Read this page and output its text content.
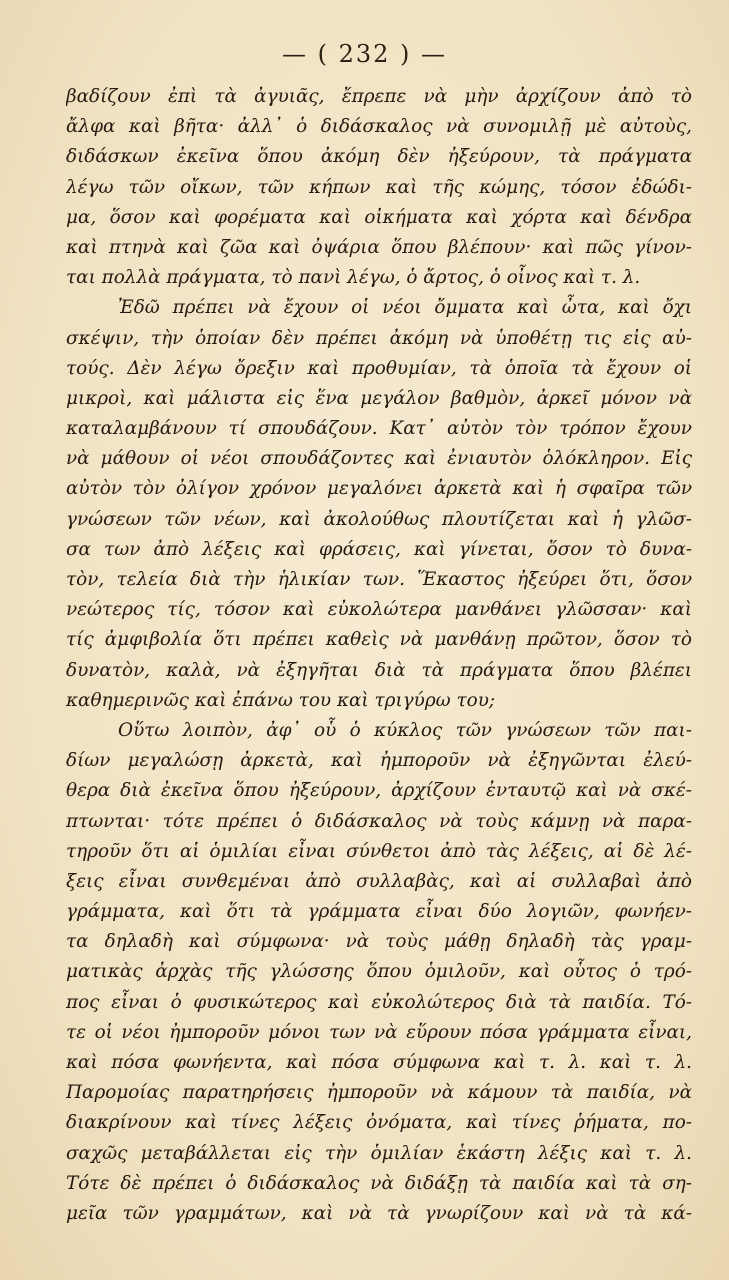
— ( 232 ) —
βαδίζουν ἐπὶ τὰ ἀγυιᾶς, ἔπρεπε νὰ μὴν ἀρχίζουν ἀπὸ τὸ
ἄλφα καὶ βῆτα· ἀλλ᾿ ὁ διδάσκαλος νὰ συνομιλῇ μὲ αὐτοὺς,
διδάσκων ἐκεῖνα ὅπου ἀκόμη δὲν ἠξεύρουν, τὰ πράγματα
λέγω τῶν οἴκων, τῶν κήπων καὶ τῆς κώμης, τόσον ἐδώδι-
μα, ὅσον καὶ φορέματα καὶ οἰκήματα καὶ χόρτα καὶ δένδρα
καὶ πτηνὰ καὶ ζῶα καὶ ὀψάρια ὅπου βλέπουν· καὶ πῶς γίνον-
ται πολλὰ πράγματα, τὸ πανὶ λέγω, ὁ ἄρτος, ὁ οἶνος καὶ τ. λ.
Ἐδῶ πρέπει νὰ ἔχουν οἱ νέοι ὄμματα καὶ ὦτα, καὶ ὄχι
σκέψιν, τὴν ὁποίαν δὲν πρέπει ἀκόμη νὰ ὑποθέτῃ τις εἰς αὐ-
τούς. Δὲν λέγω ὄρεξιν καὶ προθυμίαν, τὰ ὁποῖα τὰ ἔχουν οἱ
μικροὶ, καὶ μάλιστα εἰς ἕνα μεγάλον βαθμὸν, ἀρκεῖ μόνον νὰ
καταλαμβάνουν τί σπουδάζουν. Κατ᾿ αὐτὸν τὸν τρόπον ἔχουν
νὰ μάθουν οἱ νέοι σπουδάζοντες καὶ ἐνιαυτὸν ὁλόκληρον. Εἰς
αὐτὸν τὸν ὀλίγον χρόνον μεγαλόνει ἀρκετὰ καὶ ἡ σφαῖρα τῶν
γνώσεων τῶν νέων, καὶ ἀκολούθως πλουτίζεται καὶ ἡ γλῶσ-
σα των ἀπὸ λέξεις καὶ φράσεις, καὶ γίνεται, ὅσον τὸ δυνα-
τὸν, τελεία διὰ τὴν ἡλικίαν των. Ἕκαστος ἠξεύρει ὅτι, ὅσον
νεώτερος τίς, τόσον καὶ εὐκολώτερα μανθάνει γλῶσσαν· καὶ
τίς ἀμφιβολία ὅτι πρέπει καθεὶς νὰ μανθάνῃ πρῶτον, ὅσον τὸ
δυνατὸν, καλὰ, νὰ ἐξηγῆται διὰ τὰ πράγματα ὅπου βλέπει
καθημερινῶς καὶ ἐπάνω του καὶ τριγύρω του;
Οὕτω λοιπὸν, ἀφ᾿ οὗ ὁ κύκλος τῶν γνώσεων τῶν παι-
δίων μεγαλώσῃ ἀρκετὰ, καὶ ἠμποροῦν νὰ ἐξηγῶνται ἐλεύ-
θερα διὰ ἐκεῖνα ὅπου ἠξεύρουν, ἀρχίζουν ἐνταυτῷ καὶ νὰ σκέ-
πτωνται· τότε πρέπει ὁ διδάσκαλος νὰ τοὺς κάμνῃ νὰ παρα-
τηροῦν ὅτι αἱ ὁμιλίαι εἶναι σύνθετοι ἀπὸ τὰς λέξεις, αἱ δὲ λέ-
ξεις εἶναι συνθεμέναι ἀπὸ συλλαβὰς, καὶ αἱ συλλαβαὶ ἀπὸ
γράμματα, καὶ ὅτι τὰ γράμματα εἶναι δύο λογιῶν, φωνήεν-
τα δηλαδὴ καὶ σύμφωνα· νὰ τοὺς μάθῃ δηλαδὴ τὰς γραμ-
ματικὰς ἀρχὰς τῆς γλώσσης ὅπου ὁμιλοῦν, καὶ οὗτος ὁ τρό-
πος εἶναι ὁ φυσικώτερος καὶ εὐκολώτερος διὰ τὰ παιδία. Τό-
τε οἱ νέοι ἠμποροῦν μόνοι των νὰ εὕρουν πόσα γράμματα εἶναι,
καὶ πόσα φωνήεντα, καὶ πόσα σύμφωνα καὶ τ. λ. καὶ τ. λ.
Παρομοίας παρατηρήσεις ἠμποροῦν νὰ κάμουν τὰ παιδία, νὰ
διακρίνουν καὶ τίνες λέξεις ὀνόματα, καὶ τίνες ῥήματα, πο-
σαχῶς μεταβάλλεται εἰς τὴν ὁμιλίαν ἑκάστη λέξις καὶ τ. λ.
Τότε δὲ πρέπει ὁ διδάσκαλος νὰ διδάξῃ τὰ παιδία καὶ τὰ ση-
μεῖα τῶν γραμμάτων, καὶ νὰ τὰ γνωρίζουν καὶ νὰ τὰ κά-
